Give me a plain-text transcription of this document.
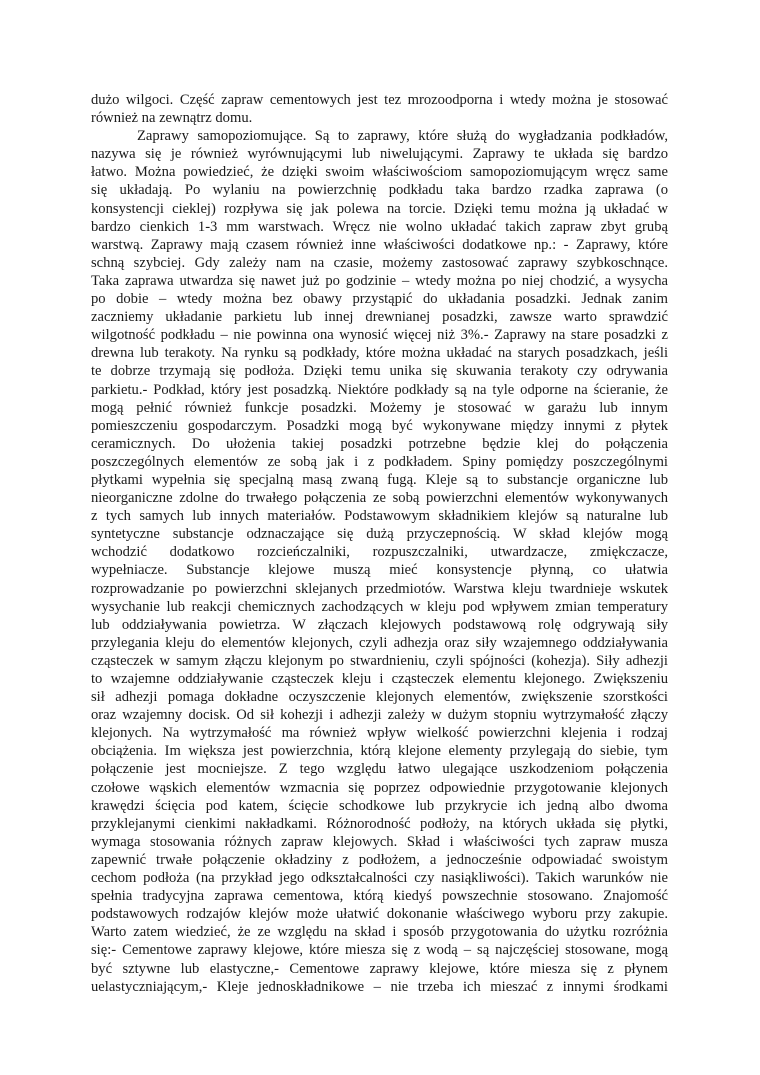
dużo wilgoci. Część zapraw cementowych jest tez mrozoodporna i wtedy można je stosować
również na zewnątrz domu.
Zaprawy samopoziomujące. Są to zaprawy, które służą do wygładzania podkładów,
nazywa się je również wyrównującymi lub niwelującymi. Zaprawy te układa się bardzo
łatwo. Można powiedzieć, że dzięki swoim właściwościom samopoziomującym wręcz same
się układają. Po wylaniu na powierzchnię podkładu taka bardzo rzadka zaprawa (o
konsystencji cieklej) rozpływa się jak polewa na torcie. Dzięki temu można ją układać w
bardzo cienkich 1-3 mm warstwach. Wręcz nie wolno układać takich zapraw zbyt grubą
warstwą. Zaprawy mają czasem również inne właściwości dodatkowe np.: - Zaprawy, które
schną szybciej. Gdy zależy nam na czasie, możemy zastosować zaprawy szybkoschnące.
Taka zaprawa utwardza się nawet już po godzinie – wtedy można po niej chodzić, a wysycha
po dobie – wtedy można bez obawy przystąpić do układania posadzki. Jednak zanim
zaczniemy układanie parkietu lub innej drewnianej posadzki, zawsze warto sprawdzić
wilgotność podkładu – nie powinna ona wynosić więcej niż 3%.- Zaprawy na stare posadzki z
drewna lub terakoty. Na rynku są podkłady, które można układać na starych posadzkach, jeśli
te dobrze trzymają się podłoża. Dzięki temu unika się skuwania terakoty czy odrywania
parkietu.- Podkład, który jest posadzką. Niektóre podkłady są na tyle odporne na ścieranie, że
mogą pełnić również funkcje posadzki. Możemy je stosować w garażu lub innym
pomieszczeniu gospodarczym. Posadzki mogą być wykonywane między innymi z płytek
ceramicznych. Do ułożenia takiej posadzki potrzebne będzie klej do połączenia
poszczególnych elementów ze sobą jak i z podkładem. Spiny pomiędzy poszczególnymi
płytkami wypełnia się specjalną masą zwaną fugą. Kleje są to substancje organiczne lub
nieorganiczne zdolne do trwałego połączenia ze sobą powierzchni elementów wykonywanych
z tych samych lub innych materiałów. Podstawowym składnikiem klejów są naturalne lub
syntetyczne substancje odznaczające się dużą przyczepnością. W skład klejów mogą
wchodzić dodatkowo rozcieńczalniki, rozpuszczalniki, utwardzacze, zmiękczacze,
wypełniacze. Substancje klejowe muszą mieć konsystencje płynną, co ułatwia
rozprowadzanie po powierzchni sklejanych przedmiotów. Warstwa kleju twardnieje wskutek
wysychanie lub reakcji chemicznych zachodzących w kleju pod wpływem zmian temperatury
lub oddziaływania powietrza. W złączach klejowych podstawową rolę odgrywają siły
przylegania kleju do elementów klejonych, czyli adhezja oraz siły wzajemnego oddziaływania
cząsteczek w samym złączu klejonym po stwardnieniu, czyli spójności (kohezja). Siły adhezji
to wzajemne oddziaływanie cząsteczek kleju i cząsteczek elementu klejonego. Zwiększeniu
sił adhezji pomaga dokładne oczyszczenie klejonych elementów, zwiększenie szorstkości
oraz wzajemny docisk. Od sił kohezji i adhezji zależy w dużym stopniu wytrzymałość złączy
klejonych. Na wytrzymałość ma również wpływ wielkość powierzchni klejenia i rodzaj
obciążenia. Im większa jest powierzchnia, którą klejone elementy przylegają do siebie, tym
połączenie jest mocniejsze. Z tego względu łatwo ulegające uszkodzeniom połączenia
czołowe wąskich elementów wzmacnia się poprzez odpowiednie przygotowanie klejonych
krawędzi ścięcia pod katem, ścięcie schodkowe lub przykrycie ich jedną albo dwoma
przyklejanymi cienkimi nakładkami. Różnorodność podłoży, na których układa się płytki,
wymaga stosowania różnych zapraw klejowych. Skład i właściwości tych zapraw musza
zapewnić trwałe połączenie okładziny z podłożem, a jednocześnie odpowiadać swoistym
cechom podłoża (na przykład jego odkształcalności czy nasiąkliwości). Takich warunków nie
spełnia tradycyjna zaprawa cementowa, którą kiedyś powszechnie stosowano. Znajomość
podstawowych rodzajów klejów może ułatwić dokonanie właściwego wyboru przy zakupie.
Warto zatem wiedzieć, że ze względu na skład i sposób przygotowania do użytku rozróżnia
się:- Cementowe zaprawy klejowe, które miesza się z wodą – są najczęściej stosowane, mogą
być sztywne lub elastyczne,- Cementowe zaprawy klejowe, które miesza się z płynem
uelastyczniającym,- Kleje jednoskładnikowe – nie trzeba ich mieszać z innymi środkami
